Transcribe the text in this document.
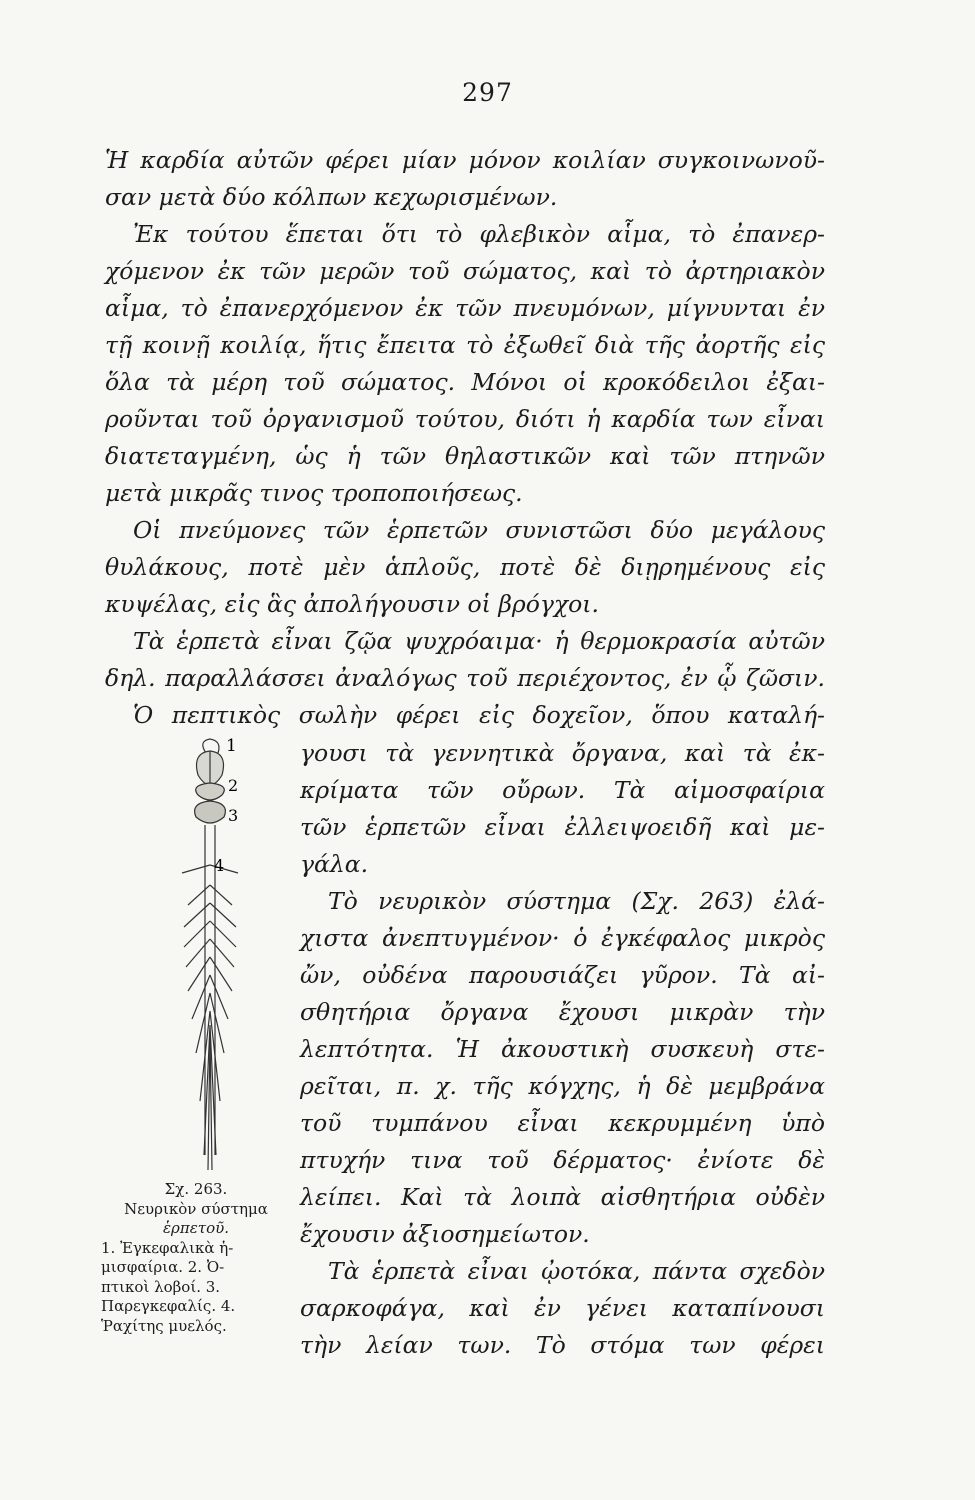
297
Ἡ καρδία αὐτῶν φέρει μίαν μόνον κοιλίαν συγκοινωνοῦ-
σαν μετὰ δύο κόλπων κεχωρισμένων.
Ἐκ τούτου ἕπεται ὅτι τὸ φλεβικὸν αἷμα, τὸ ἐπανερ-
χόμενον ἐκ τῶν μερῶν τοῦ σώματος, καὶ τὸ ἀρτηριακὸν
αἷμα, τὸ ἐπανερχόμενον ἐκ τῶν πνευμόνων, μίγνυνται ἐν
τῇ κοινῇ κοιλίᾳ, ἥτις ἔπειτα τὸ ἐξωθεῖ διὰ τῆς ἀορτῆς εἰς
ὅλα τὰ μέρη τοῦ σώματος. Μόνοι οἱ κροκόδειλοι ἐξαι-
ροῦνται τοῦ ὀργανισμοῦ τούτου, διότι ἡ καρδία των εἶναι
διατεταγμένη, ὡς ἡ τῶν θηλαστικῶν καὶ τῶν πτηνῶν
μετὰ μικρᾶς τινος τροποποιήσεως.
Οἱ πνεύμονες τῶν ἑρπετῶν συνιστῶσι δύο μεγάλους
θυλάκους, ποτὲ μὲν ἁπλοῦς, ποτὲ δὲ διῃρημένους εἰς
κυψέλας, εἰς ἃς ἀπολήγουσιν οἱ βρόγχοι.
Τὰ ἑρπετὰ εἶναι ζῷα ψυχρόαιμα· ἡ θερμοκρασία αὐτῶν
δηλ. παραλλάσσει ἀναλόγως τοῦ περιέχοντος, ἐν ᾧ ζῶσιν.
Ὁ πεπτικὸς σωλὴν φέρει εἰς δοχεῖον, ὅπου καταλή-
1
2
3
4
Σχ. 263.
Νευρικὸν σύστημα
ἑρπετοῦ.
1. Ἐγκεφαλικὰ ἡ-
μισφαίρια. 2. Ὀ-
πτικοὶ λοβοί. 3.
Παρεγκεφαλίς. 4.
Ῥαχίτης μυελός.
γουσι τὰ γεννητικὰ ὄργανα, καὶ τὰ ἐκ-
κρίματα τῶν οὔρων. Τὰ αἱμοσφαίρια
τῶν ἑρπετῶν εἶναι ἐλλειψοειδῆ καὶ με-
γάλα.
Τὸ νευρικὸν σύστημα (Σχ. 263) ἐλά-
χιστα ἀνεπτυγμένον· ὁ ἐγκέφαλος μικρὸς
ὤν, οὐδένα παρουσιάζει γῦρον. Τὰ αἰ-
σθητήρια ὄργανα ἔχουσι μικρὰν τὴν
λεπτότητα. Ἡ ἀκουστικὴ συσκευὴ στε-
ρεῖται, π. χ. τῆς κόγχης, ἡ δὲ μεμβράνα
τοῦ τυμπάνου εἶναι κεκρυμμένη ὑπὸ
πτυχήν τινα τοῦ δέρματος· ἐνίοτε δὲ
λείπει. Καὶ τὰ λοιπὰ αἰσθητήρια οὐδὲν
ἔχουσιν ἀξιοσημείωτον.
Τὰ ἑρπετὰ εἶναι ᾠοτόκα, πάντα σχεδὸν
σαρκοφάγα, καὶ ἐν γένει καταπίνουσι
τὴν λείαν των. Τὸ στόμα των φέρει
